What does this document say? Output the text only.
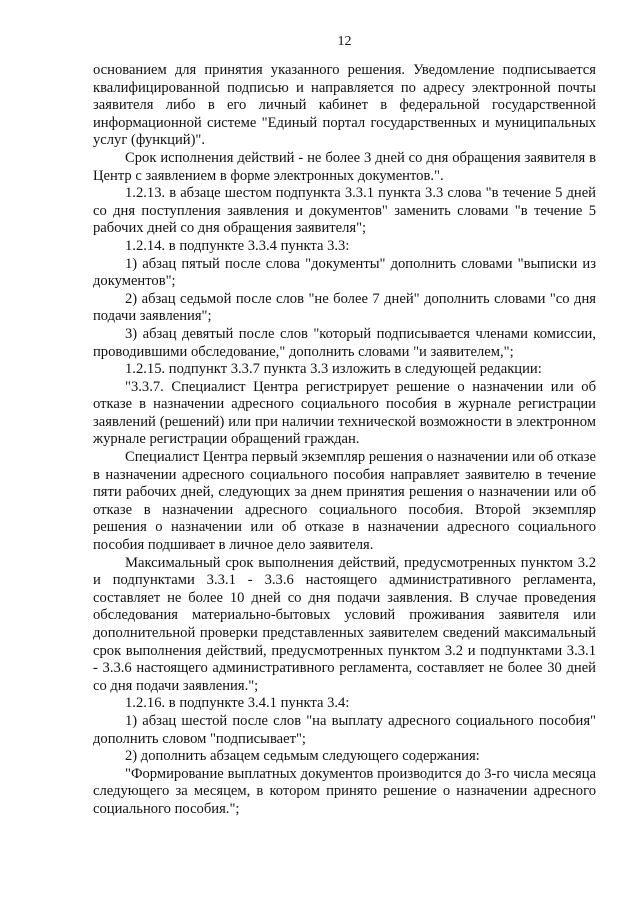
12

основанием для принятия указанного решения. Уведомление подписывается квалифицированной подписью и направляется по адресу электронной почты заявителя либо в его личный кабинет в федеральной государственной информационной системе "Единый портал государственных и муниципальных услуг (функций)".

Срок исполнения действий - не более 3 дней со дня обращения заявителя в Центр с заявлением в форме электронных документов.".

1.2.13. в абзаце шестом подпункта 3.3.1 пункта 3.3 слова "в течение 5 дней со дня поступления заявления и документов" заменить словами "в течение 5 рабочих дней со дня обращения заявителя";

1.2.14. в подпункте 3.3.4 пункта 3.3:

1) абзац пятый после слова "документы" дополнить словами "выписки из документов";

2) абзац седьмой после слов "не более 7 дней" дополнить словами "со дня подачи заявления";

3) абзац девятый после слов "который подписывается членами комиссии, проводившими обследование," дополнить словами "и заявителем,";

1.2.15. подпункт 3.3.7 пункта 3.3 изложить в следующей редакции:

"3.3.7. Специалист Центра регистрирует решение о назначении или об отказе в назначении адресного социального пособия в журнале регистрации заявлений (решений) или при наличии технической возможности в электронном журнале регистрации обращений граждан.

Специалист Центра первый экземпляр решения о назначении или об отказе в назначении адресного социального пособия направляет заявителю в течение пяти рабочих дней, следующих за днем принятия решения о назначении или об отказе в назначении адресного социального пособия. Второй экземпляр решения о назначении или об отказе в назначении адресного социального пособия подшивает в личное дело заявителя.

Максимальный срок выполнения действий, предусмотренных пунктом 3.2 и подпунктами 3.3.1 - 3.3.6 настоящего административного регламента, составляет не более 10 дней со дня подачи заявления. В случае проведения обследования материально-бытовых условий проживания заявителя или дополнительной проверки представленных заявителем сведений максимальный срок выполнения действий, предусмотренных пунктом 3.2 и подпунктами 3.3.1 - 3.3.6 настоящего административного регламента, составляет не более 30 дней со дня подачи заявления.";

1.2.16. в подпункте 3.4.1 пункта 3.4:

1) абзац шестой после слов "на выплату адресного социального пособия" дополнить словом "подписывает";

2) дополнить абзацем седьмым следующего содержания:

"Формирование выплатных документов производится до 3-го числа месяца следующего за месяцем, в котором принято решение о назначении адресного социального пособия.";
